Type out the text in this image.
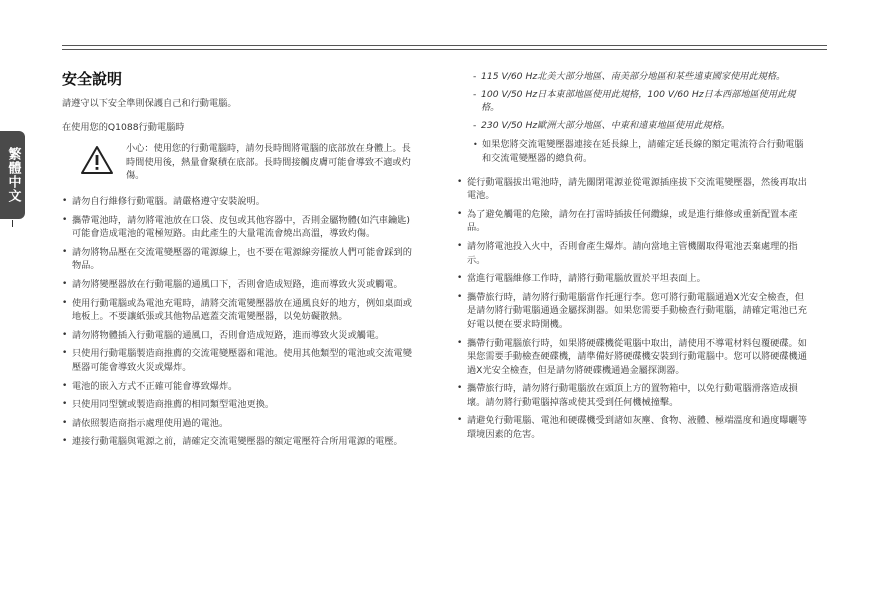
繁體中文
安全說明
請遵守以下安全準則保護自己和行動電腦。
在使用您的Q1088行動電腦時
小心：使用您的行動電腦時，請勿長時間將電腦的底部放在身體上。長時間使用後，熱量會聚積在底部。長時間接觸皮膚可能會導致不適或灼傷。
• 請勿自行維修行動電腦。請嚴格遵守安裝說明。
• 攜帶電池時，請勿將電池放在口袋、皮包或其他容器中，否則金屬物體(如汽車鑰匙)可能會造成電池的電極短路。由此產生的大量電流會燒出高溫，導致灼傷。
• 請勿將物品壓在交流電變壓器的電源線上，也不要在電源線旁擺放人們可能會踩到的物品。
• 請勿將變壓器放在行動電腦的通風口下，否則會造成短路，進而導致火災或觸電。
• 使用行動電腦或為電池充電時，請將交流電變壓器放在通風良好的地方，例如桌面或地板上。不要讓紙張或其他物品遮蓋交流電變壓器，以免妨礙散熱。
• 請勿將物體插入行動電腦的通風口，否則會造成短路，進而導致火災或觸電。
• 只使用行動電腦製造商推薦的交流電變壓器和電池。使用其他類型的電池或交流電變壓器可能會導致火災或爆炸。
• 電池的嵌入方式不正確可能會導致爆炸。
• 只使用同型號或製造商推薦的相同類型電池更換。
• 請依照製造商指示處理使用過的電池。
• 連接行動電腦與電源之前，請確定交流電變壓器的額定電壓符合所用電源的電壓。
- 115 V/60 Hz北美大部分地區、南美部分地區和某些遠東國家使用此規格。
- 100 V/50 Hz日本東部地區使用此規格，100 V/60 Hz日本西部地區使用此規格。
- 230 V/50 Hz歐洲大部分地區、中東和遠東地區使用此規格。
• 如果您將交流電變壓器連接在延長線上，請確定延長線的額定電流符合行動電腦和交流電變壓器的總負荷。
• 從行動電腦拔出電池時，請先關閉電源並從電源插座拔下交流電變壓器，然後再取出電池。
• 為了避免觸電的危險，請勿在打雷時插拔任何纜線，或是進行維修或重新配置本產品。
• 請勿將電池投入火中，否則會產生爆炸。請向當地主管機關取得電池丟棄處理的指示。
• 當進行電腦維修工作時，請將行動電腦放置於平坦表面上。
• 攜帶旅行時，請勿將行動電腦當作托運行李。您可將行動電腦通過X光安全檢查，但是請勿將行動電腦通過金屬探測器。如果您需要手動檢查行動電腦，請確定電池已充好電以便在要求時開機。
• 攜帶行動電腦旅行時，如果將硬碟機從電腦中取出，請使用不導電材料包覆硬碟。如果您需要手動檢查硬碟機，請準備好將硬碟機安裝到行動電腦中。您可以將硬碟機通過X光安全檢查，但是請勿將硬碟機通過金屬探測器。
• 攜帶旅行時，請勿將行動電腦放在頭頂上方的置物箱中，以免行動電腦滑落造成損壞。請勿將行動電腦掉落或使其受到任何機械撞擊。
• 請避免行動電腦、電池和硬碟機受到諸如灰塵、食物、液體、極端溫度和過度曝曬等環境因素的危害。
